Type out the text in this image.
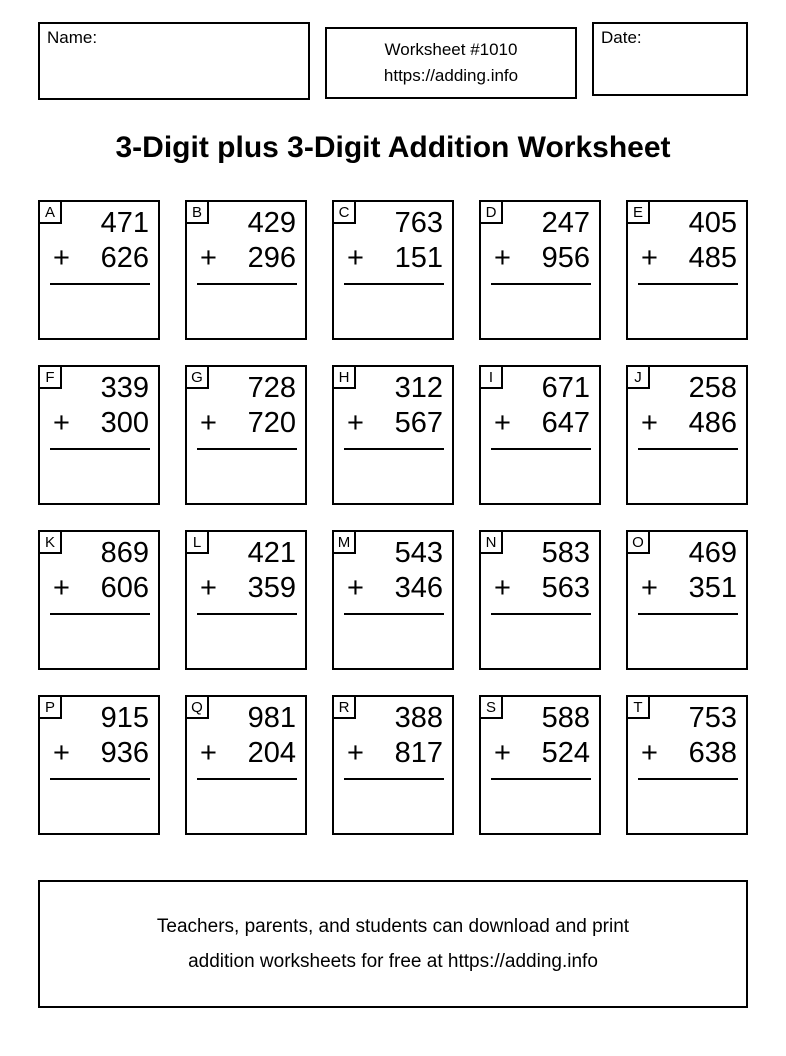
Name:
Worksheet #1010
https://adding.info
Date:
3-Digit plus 3-Digit Addition Worksheet
A	471
+ 626
B	429
+ 296
C	763
+ 151
D	247
+ 956
E	405
+ 485
F	339
+ 300
G	728
+ 720
H	312
+ 567
I	671
+ 647
J	258
+ 486
K	869
+ 606
L	421
+ 359
M	543
+ 346
N	583
+ 563
O	469
+ 351
P	915
+ 936
Q	981
+ 204
R	388
+ 817
S	588
+ 524
T	753
+ 638
Teachers, parents, and students can download and print
addition worksheets for free at https://adding.info
